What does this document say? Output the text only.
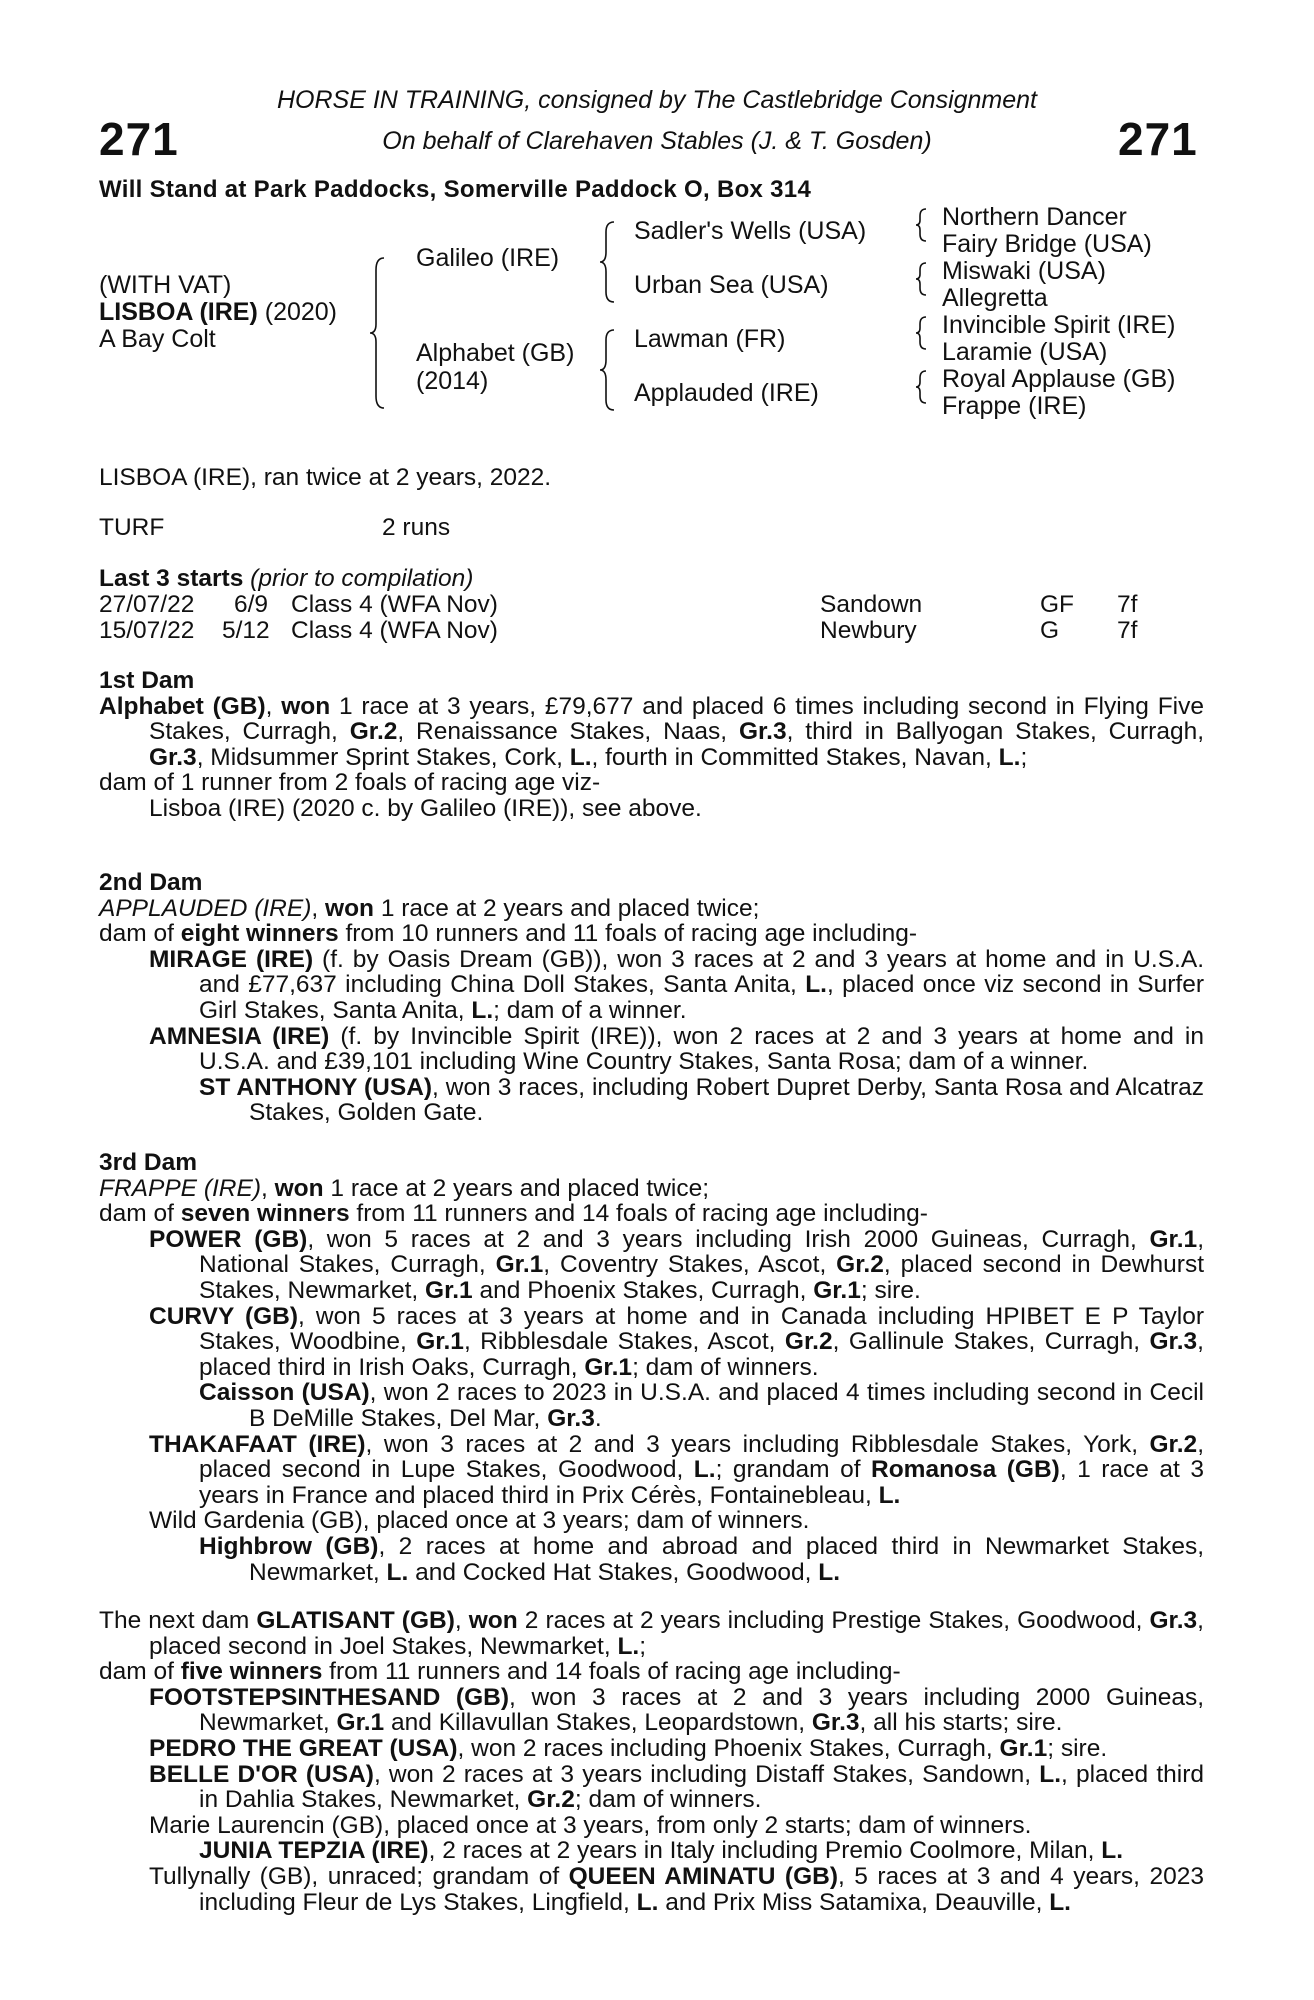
271	271
HORSE IN TRAINING, consigned by The Castlebridge Consignment
On behalf of Clarehaven Stables (J. & T. Gosden)
Will Stand at Park Paddocks, Somerville Paddock O, Box 314
(WITH VAT)
LISBOA (IRE) (2020)
A Bay Colt
Galileo (IRE)
Alphabet (GB)
(2014)
Sadler's Wells (USA)
Urban Sea (USA)
Lawman (FR)
Applauded (IRE)
Northern Dancer
Fairy Bridge (USA)
Miswaki (USA)
Allegretta
Invincible Spirit (IRE)
Laramie (USA)
Royal Applause (GB)
Frappe (IRE)
LISBOA (IRE), ran twice at 2 years, 2022.
TURF	2 runs
Last 3 starts (prior to compilation)
27/07/22 6/9 Class 4 (WFA Nov)	Sandown	GF 7f
15/07/22 5/12 Class 4 (WFA Nov)	Newbury	G 7f

1st Dam

Alphabet (GB), won 1 race at 3 years, £79,677 and placed 6 times including second in Flying Five Stakes, Curragh, Gr.2, Renaissance Stakes, Naas, Gr.3, third in Ballyogan Stakes, Curragh, Gr.3, Midsummer Sprint Stakes, Cork, L., fourth in Committed Stakes, Navan, L.;

dam of 1 runner from 2 foals of racing age viz-

Lisboa (IRE) (2020 c. by Galileo (IRE)), see above.

2nd Dam

APPLAUDED (IRE), won 1 race at 2 years and placed twice;

dam of eight winners from 10 runners and 11 foals of racing age including-

MIRAGE (IRE) (f. by Oasis Dream (GB)), won 3 races at 2 and 3 years at home and in U.S.A. and £77,637 including China Doll Stakes, Santa Anita, L., placed once viz second in Surfer Girl Stakes, Santa Anita, L.; dam of a winner.

AMNESIA (IRE) (f. by Invincible Spirit (IRE)), won 2 races at 2 and 3 years at home and in U.S.A. and £39,101 including Wine Country Stakes, Santa Rosa; dam of a winner.

ST ANTHONY (USA), won 3 races, including Robert Dupret Derby, Santa Rosa and Alcatraz Stakes, Golden Gate.

3rd Dam

FRAPPE (IRE), won 1 race at 2 years and placed twice;

dam of seven winners from 11 runners and 14 foals of racing age including-

POWER (GB), won 5 races at 2 and 3 years including Irish 2000 Guineas, Curragh, Gr.1, National Stakes, Curragh, Gr.1, Coventry Stakes, Ascot, Gr.2, placed second in Dewhurst Stakes, Newmarket, Gr.1 and Phoenix Stakes, Curragh, Gr.1; sire.

CURVY (GB), won 5 races at 3 years at home and in Canada including HPIBET E P Taylor Stakes, Woodbine, Gr.1, Ribblesdale Stakes, Ascot, Gr.2, Gallinule Stakes, Curragh, Gr.3, placed third in Irish Oaks, Curragh, Gr.1; dam of winners.

Caisson (USA), won 2 races to 2023 in U.S.A. and placed 4 times including second in Cecil B DeMille Stakes, Del Mar, Gr.3.

THAKAFAAT (IRE), won 3 races at 2 and 3 years including Ribblesdale Stakes, York, Gr.2, placed second in Lupe Stakes, Goodwood, L.; grandam of Romanosa (GB), 1 race at 3 years in France and placed third in Prix Cérès, Fontainebleau, L.

Wild Gardenia (GB), placed once at 3 years; dam of winners.

Highbrow (GB), 2 races at home and abroad and placed third in Newmarket Stakes, Newmarket, L. and Cocked Hat Stakes, Goodwood, L.

The next dam GLATISANT (GB), won 2 races at 2 years including Prestige Stakes, Goodwood, Gr.3, placed second in Joel Stakes, Newmarket, L.;

dam of five winners from 11 runners and 14 foals of racing age including-

FOOTSTEPSINTHESAND (GB), won 3 races at 2 and 3 years including 2000 Guineas, Newmarket, Gr.1 and Killavullan Stakes, Leopardstown, Gr.3, all his starts; sire.

PEDRO THE GREAT (USA), won 2 races including Phoenix Stakes, Curragh, Gr.1; sire.

BELLE D'OR (USA), won 2 races at 3 years including Distaff Stakes, Sandown, L., placed third in Dahlia Stakes, Newmarket, Gr.2; dam of winners.

Marie Laurencin (GB), placed once at 3 years, from only 2 starts; dam of winners.

JUNIA TEPZIA (IRE), 2 races at 2 years in Italy including Premio Coolmore, Milan, L.

Tullynally (GB), unraced; grandam of QUEEN AMINATU (GB), 5 races at 3 and 4 years, 2023 including Fleur de Lys Stakes, Lingfield, L. and Prix Miss Satamixa, Deauville, L.
